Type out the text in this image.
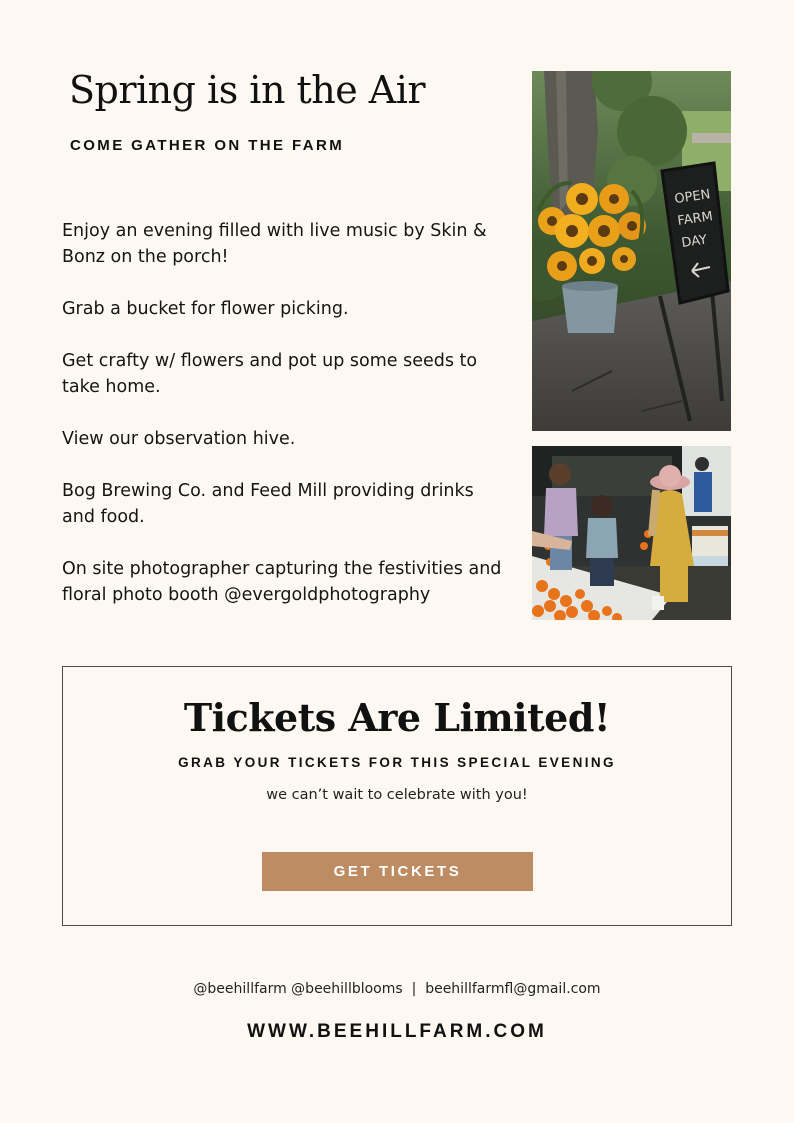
Spring is in the Air
COME GATHER ON THE FARM

Enjoy an evening filled with live music by Skin & Bonz on the porch!

Grab a bucket for flower picking.

Get crafty w/ flowers and pot up some seeds to take home.

View our observation hive.

Bog Brewing Co. and Feed Mill providing drinks and food.

On site photographer capturing the festivities and floral photo booth @evergoldphotography

OPEN
FARM
DAY
Tickets Are Limited!
GRAB YOUR TICKETS FOR THIS SPECIAL EVENING
we can’t wait to celebrate with you!
GET TICKETS
@beehillfarm @beehillblooms  |  beehillfarmfl@gmail.com
WWW.BEEHILLFARM.COM
